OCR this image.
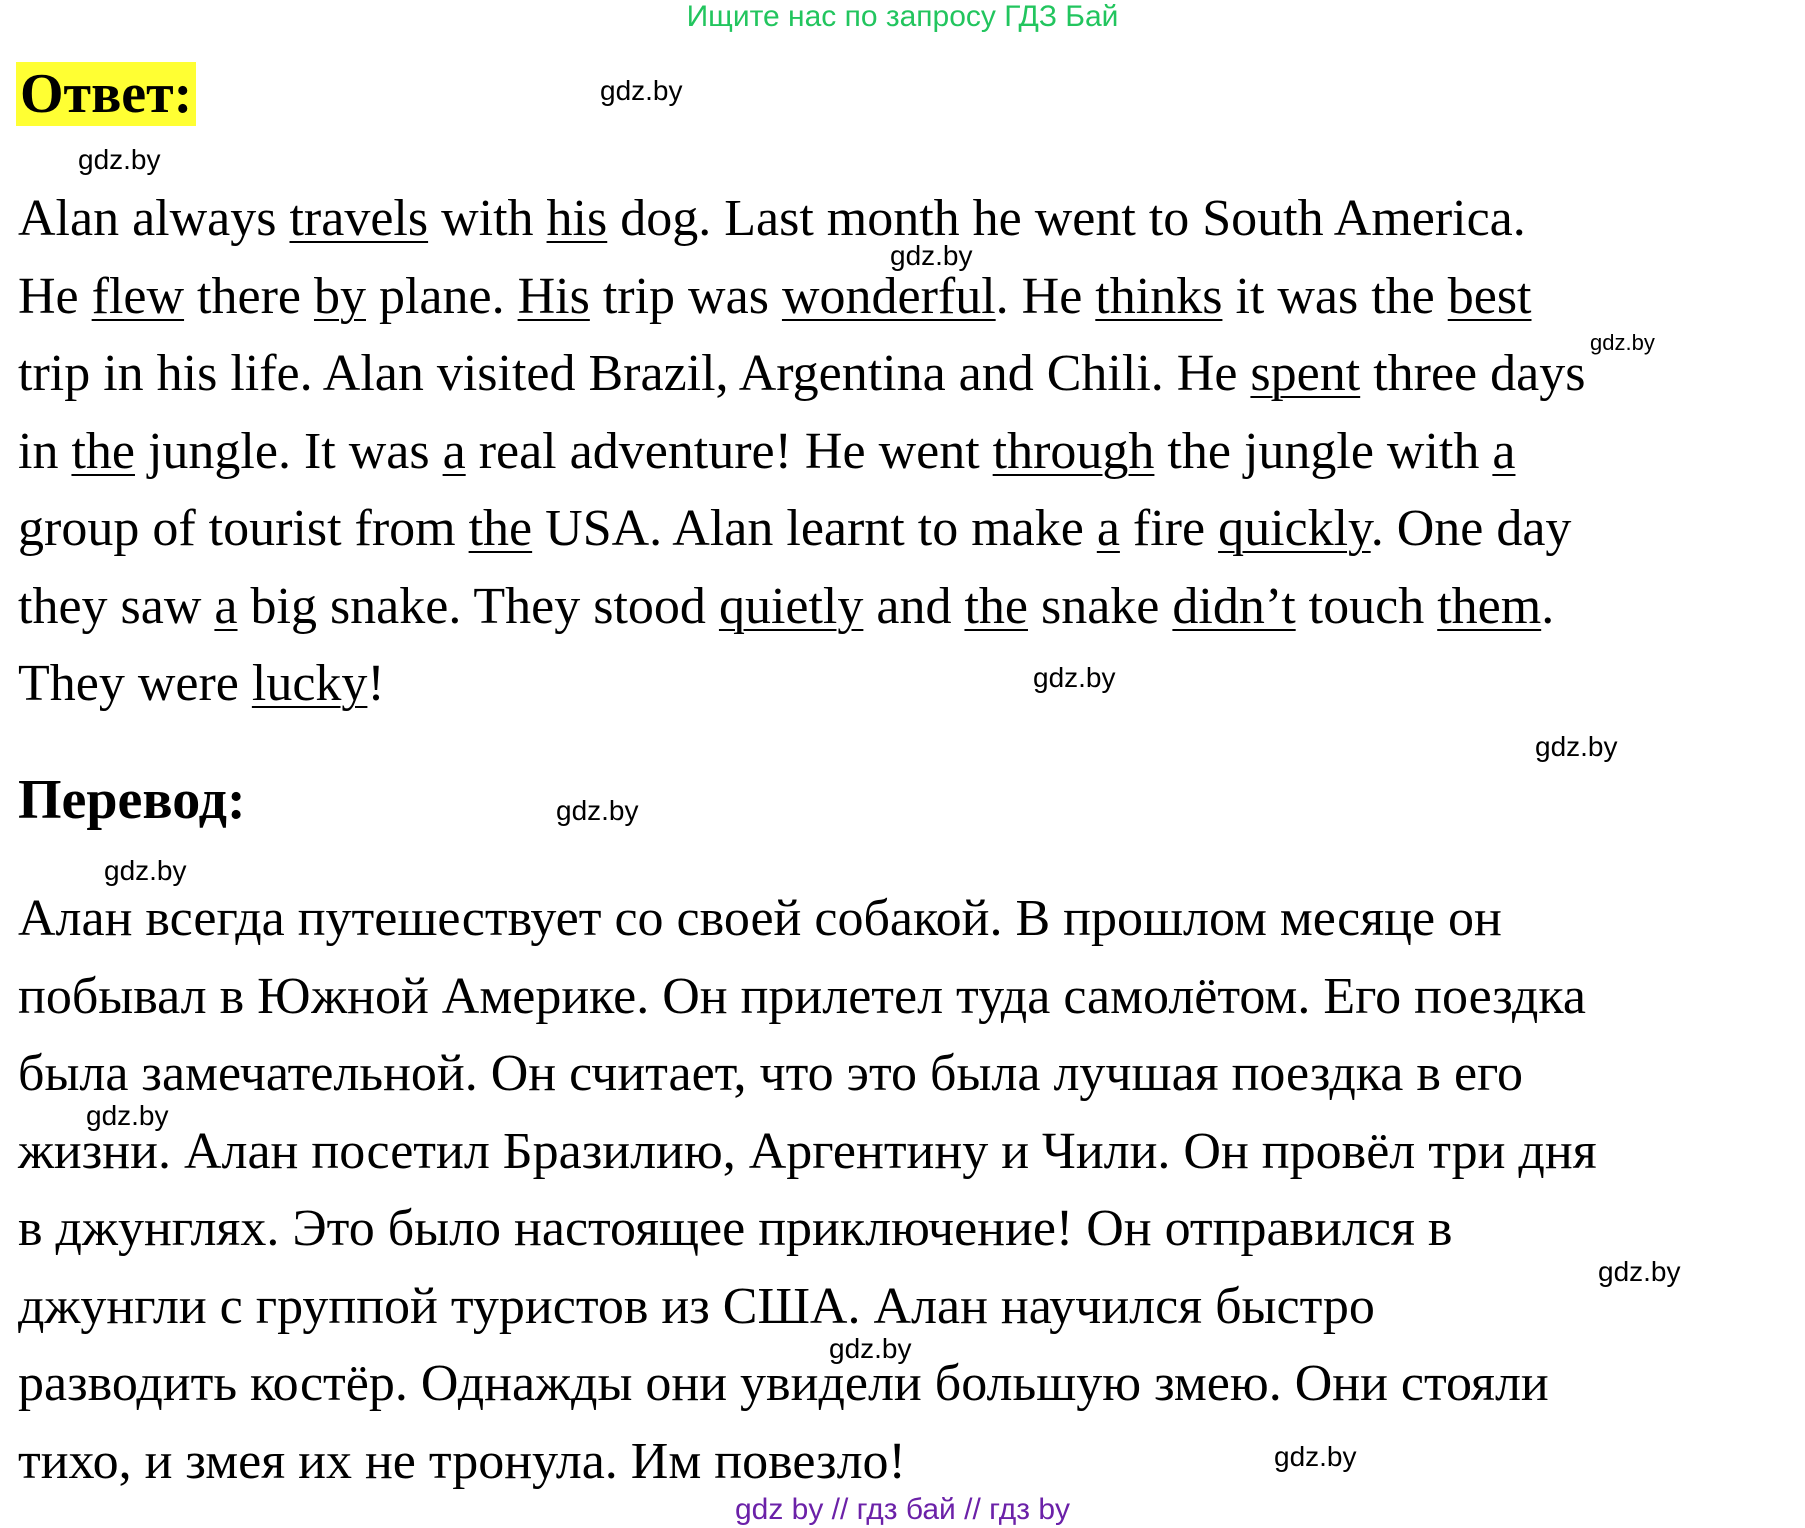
Ищите нас по запросу ГДЗ Бай
Ответ:
Alan always travels with his dog. Last month he went to South America.
He flew there by plane. His trip was wonderful. He thinks it was the best
trip in his life. Alan visited Brazil, Argentina and Chili. He spent three days
in the jungle. It was a real adventure! He went through the jungle with a
group of tourist from the USA. Alan learnt to make a fire quickly. One day
they saw a big snake. They stood quietly and the snake didn’t touch them.
They were lucky!
Перевод:
Алан всегда путешествует со своей собакой. В прошлом месяце он
побывал в Южной Америке. Он прилетел туда самолётом. Его поездка
была замечательной. Он считает, что это была лучшая поездка в его
жизни. Алан посетил Бразилию, Аргентину и Чили. Он провёл три дня
в джунглях. Это было настоящее приключение! Он отправился в
джунгли с группой туристов из США. Алан научился быстро
разводить костёр. Однажды они увидели большую змею. Они стояли
тихо, и змея их не тронула. Им повезло!
gdz.by
gdz.by
gdz.by
gdz.by
gdz.by
gdz.by
gdz.by
gdz.by
gdz.by
gdz.by
gdz.by
gdz.by
gdz by // гдз бай // гдз by
